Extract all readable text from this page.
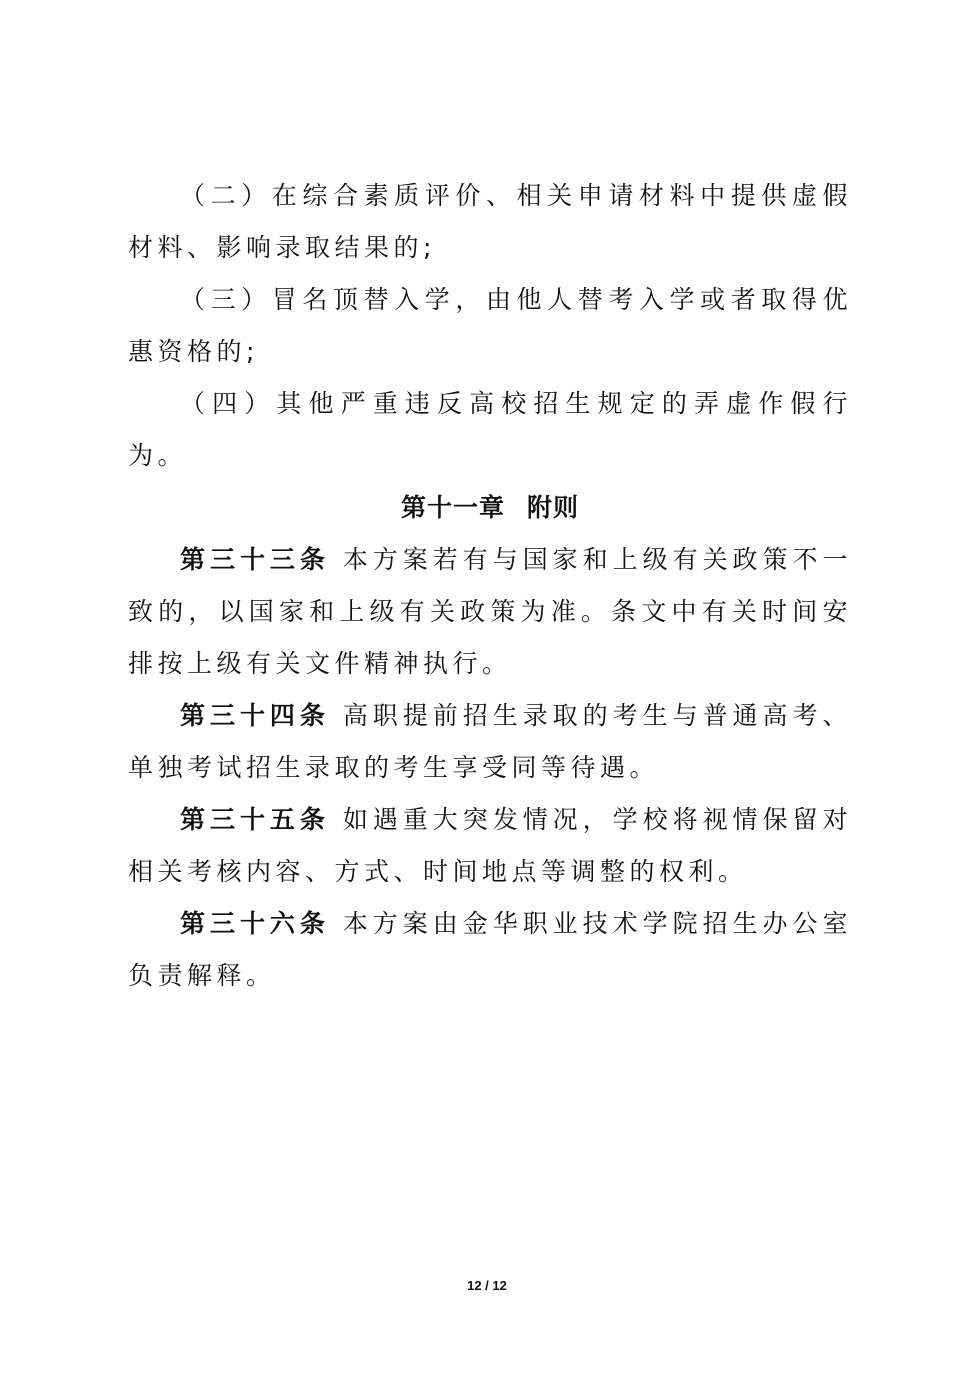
（二）在综合素质评价、相关申请材料中提供虚假材料、影响录取结果的;

（三）冒名顶替入学，由他人替考入学或者取得优惠资格的;

（四）其他严重违反高校招生规定的弄虚作假行为。

第十一章 附则

第三十三条 本方案若有与国家和上级有关政策不一致的，以国家和上级有关政策为准。条文中有关时间安排按上级有关文件精神执行。

第三十四条 高职提前招生录取的考生与普通高考、单独考试招生录取的考生享受同等待遇。

第三十五条 如遇重大突发情况，学校将视情保留对相关考核内容、方式、时间地点等调整的权利。

第三十六条 本方案由金华职业技术学院招生办公室负责解释。

12 / 12
